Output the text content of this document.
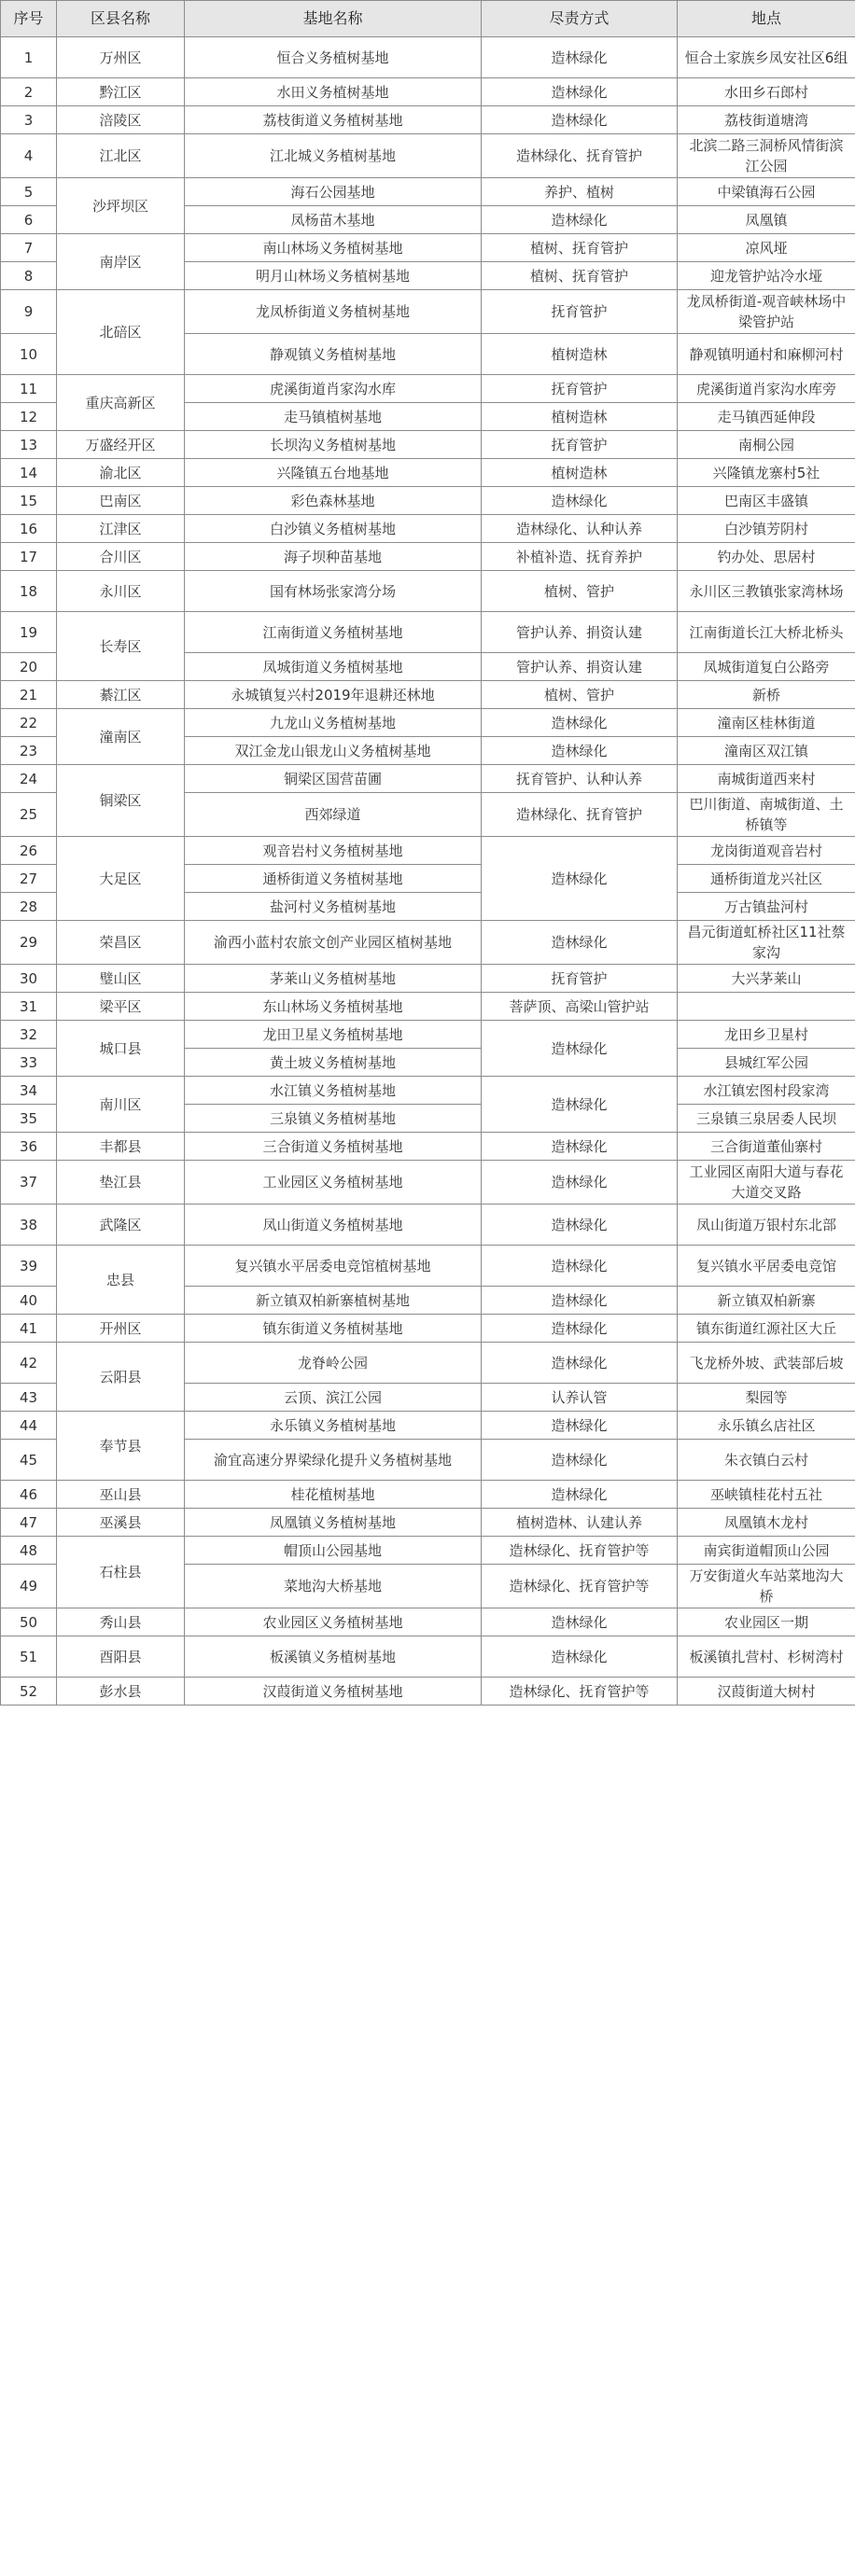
序号	区县名称	基地名称	尽责方式	地点
1	万州区	恒合义务植树基地	造林绿化	恒合土家族乡凤安社区6组
2	黔江区	水田义务植树基地	造林绿化	水田乡石郎村
3	涪陵区	荔枝街道义务植树基地	造林绿化	荔枝街道塘湾
4	江北区	江北城义务植树基地	造林绿化、抚育管护	北滨二路三洞桥风情街滨江公园
5	沙坪坝区	海石公园基地	养护、植树	中梁镇海石公园
6		凤杨苗木基地	造林绿化	凤凰镇
7	南岸区	南山林场义务植树基地	植树、抚育管护	凉风垭
8		明月山林场义务植树基地	植树、抚育管护	迎龙管护站冷水垭
9	北碚区	龙凤桥街道义务植树基地	抚育管护	龙凤桥街道-观音峡林场中梁管护站
10		静观镇义务植树基地	植树造林	静观镇明通村和麻柳河村
11	重庆高新区	虎溪街道肖家沟水库	抚育管护	虎溪街道肖家沟水库旁
12		走马镇植树基地	植树造林	走马镇西延伸段
13	万盛经开区	长坝沟义务植树基地	抚育管护	南桐公园
14	渝北区	兴隆镇五台地基地	植树造林	兴隆镇龙寨村5社
15	巴南区	彩色森林基地	造林绿化	巴南区丰盛镇
16	江津区	白沙镇义务植树基地	造林绿化、认种认养	白沙镇芳阴村
17	合川区	海子坝种苗基地	补植补造、抚育养护	钓办处、思居村
18	永川区	国有林场张家湾分场	植树、管护	永川区三教镇张家湾林场
19	长寿区	江南街道义务植树基地	管护认养、捐资认建	江南街道长江大桥北桥头
20		凤城街道义务植树基地	管护认养、捐资认建	凤城街道复白公路旁
21	綦江区	永城镇复兴村2019年退耕还林地	植树、管护	新桥
22	潼南区	九龙山义务植树基地	造林绿化	潼南区桂林街道
23		双江金龙山银龙山义务植树基地	造林绿化	潼南区双江镇
24	铜梁区	铜梁区国营苗圃	抚育管护、认种认养	南城街道西来村
25		西郊绿道	造林绿化、抚育管护	巴川街道、南城街道、土桥镇等
26	大足区	观音岩村义务植树基地	造林绿化	龙岗街道观音岩村
27		通桥街道义务植树基地		通桥街道龙兴社区
28		盐河村义务植树基地		万古镇盐河村
29	荣昌区	渝西小蓝村农旅文创产业园区植树基地	造林绿化	昌元街道虹桥社区11社蔡家沟
30	璧山区	茅莱山义务植树基地	抚育管护	大兴茅莱山
31	梁平区	东山林场义务植树基地	菩萨顶、高梁山管护站	
32	城口县	龙田卫星义务植树基地	造林绿化	龙田乡卫星村
33		黄土坡义务植树基地		县城红军公园
34	南川区	水江镇义务植树基地	造林绿化	水江镇宏图村段家湾
35		三泉镇义务植树基地		三泉镇三泉居委人民坝
36	丰都县	三合街道义务植树基地	造林绿化	三合街道董仙寨村
37	垫江县	工业园区义务植树基地	造林绿化	工业园区南阳大道与春花大道交叉路
38	武隆区	凤山街道义务植树基地	造林绿化	凤山街道万银村东北部
39	忠县	复兴镇水平居委电竞馆植树基地	造林绿化	复兴镇水平居委电竞馆
40		新立镇双柏新寨植树基地	造林绿化	新立镇双柏新寨
41	开州区	镇东街道义务植树基地	造林绿化	镇东街道红源社区大丘
42	云阳县	龙脊岭公园	造林绿化	飞龙桥外坡、武装部后坡
43		云顶、滨江公园	认养认管	梨园等
44	奉节县	永乐镇义务植树基地	造林绿化	永乐镇幺店社区
45		渝宜高速分界梁绿化提升义务植树基地	造林绿化	朱衣镇白云村
46	巫山县	桂花植树基地	造林绿化	巫峡镇桂花村五社
47	巫溪县	凤凰镇义务植树基地	植树造林、认建认养	凤凰镇木龙村
48	石柱县	帽顶山公园基地	造林绿化、抚育管护等	南宾街道帽顶山公园
49		菜地沟大桥基地	造林绿化、抚育管护等	万安街道火车站菜地沟大桥
50	秀山县	农业园区义务植树基地	造林绿化	农业园区一期
51	酉阳县	板溪镇义务植树基地	造林绿化	板溪镇扎营村、杉树湾村
52	彭水县	汉葭街道义务植树基地	造林绿化、抚育管护等	汉葭街道大树村
